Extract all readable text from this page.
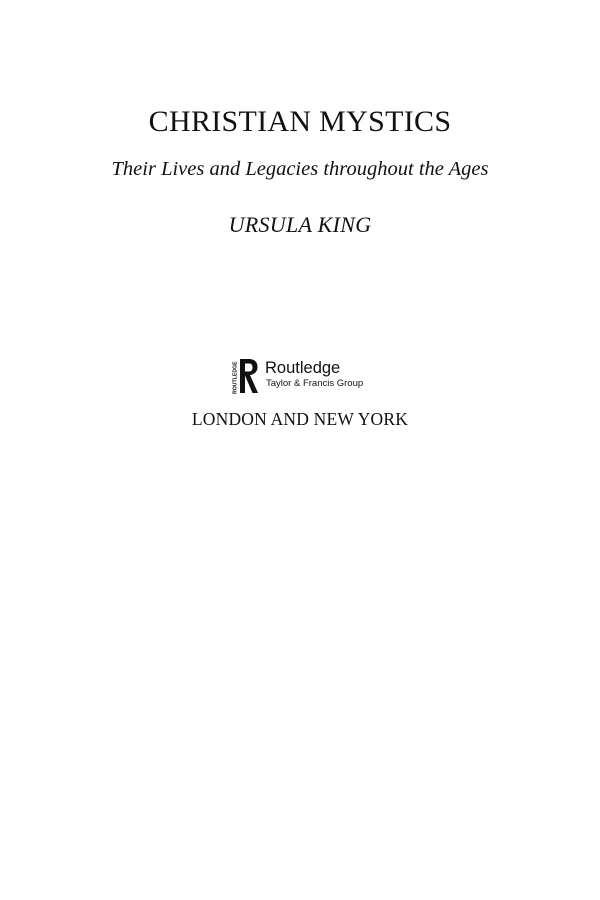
CHRISTIAN MYSTICS
Their Lives and Legacies throughout the Ages
URSULA KING
ROUTLEDGE Routledge
Taylor & Francis Group
LONDON AND NEW YORK
